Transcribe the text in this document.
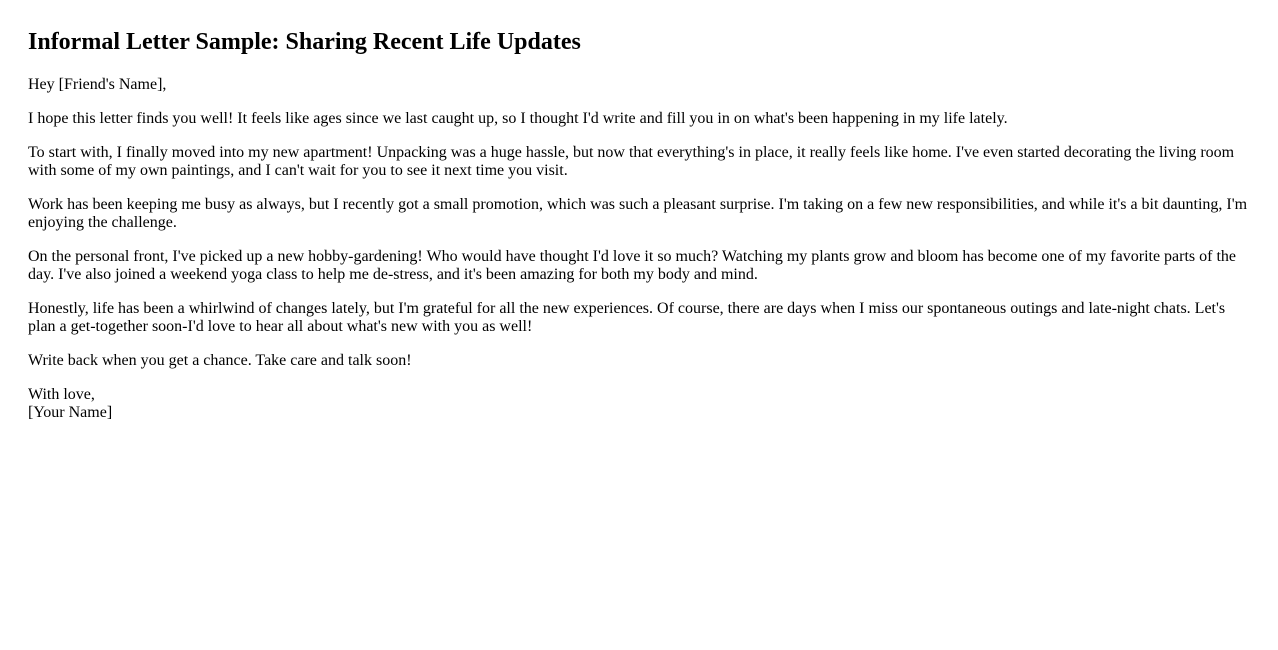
Informal Letter Sample: Sharing Recent Life Updates

Hey [Friend's Name],

I hope this letter finds you well! It feels like ages since we last caught up, so I thought I'd write and fill you in on what's been happening in my life lately.

To start with, I finally moved into my new apartment! Unpacking was a huge hassle, but now that everything's in place, it really feels like home. I've even started decorating the living room with some of my own paintings, and I can't wait for you to see it next time you visit.

Work has been keeping me busy as always, but I recently got a small promotion, which was such a pleasant surprise. I'm taking on a few new responsibilities, and while it's a bit daunting, I'm enjoying the challenge.

On the personal front, I've picked up a new hobby-gardening! Who would have thought I'd love it so much? Watching my plants grow and bloom has become one of my favorite parts of the day. I've also joined a weekend yoga class to help me de-stress, and it's been amazing for both my body and mind.

Honestly, life has been a whirlwind of changes lately, but I'm grateful for all the new experiences. Of course, there are days when I miss our spontaneous outings and late-night chats. Let's plan a get-together soon-I'd love to hear all about what's new with you as well!

Write back when you get a chance. Take care and talk soon!

With love,
[Your Name]
